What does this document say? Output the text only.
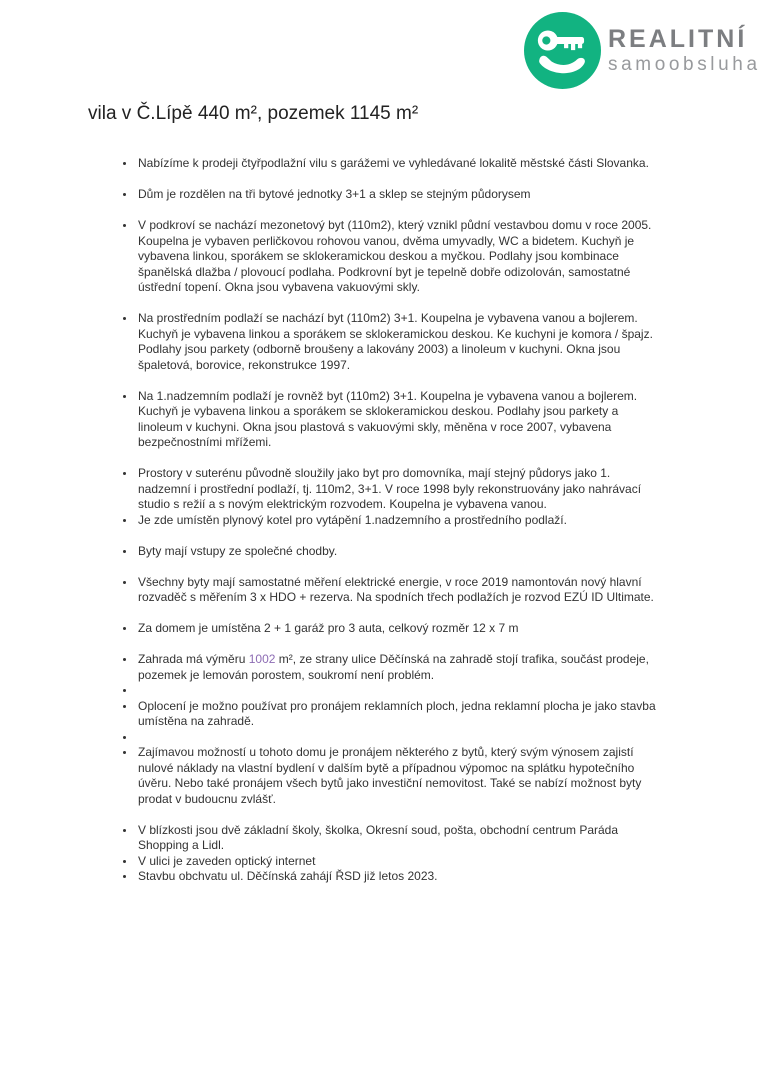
REALITNÍ
samoobsluha
vila v Č.Lípě 440 m², pozemek 1145 m²
• Nabízíme k prodeji čtyřpodlažní vilu s garážemi ve vyhledávané lokalitě městské části Slovanka.
• Dům je rozdělen na tři bytové jednotky 3+1 a sklep se stejným půdorysem
• V podkroví se nachází mezonetový byt (110m2), který vznikl půdní vestavbou domu v roce 2005.  Koupelna je vybaven perličkovou rohovou vanou, dvěma umyvadly, WC a bidetem. Kuchyň je vybavena linkou, sporákem se sklokeramickou deskou a myčkou. Podlahy jsou kombinace španělská dlažba / plovoucí podlaha. Podkrovní byt je tepelně dobře odizolován, samostatné ústřední topení. Okna jsou vybavena vakuovými skly.
• Na prostředním podlaží se nachází byt (110m2) 3+1. Koupelna je vybavena vanou a bojlerem. Kuchyň je vybavena linkou a sporákem se sklokeramickou deskou. Ke kuchyni je komora / špajz. Podlahy jsou parkety (odborně broušeny a lakovány 2003) a linoleum v kuchyni. Okna jsou špaletová, borovice, rekonstrukce 1997.
• Na 1.nadzemním podlaží je rovněž byt (110m2) 3+1. Koupelna je vybavena vanou a bojlerem. Kuchyň je vybavena linkou a sporákem se sklokeramickou deskou. Podlahy jsou parkety a linoleum v kuchyni. Okna jsou plastová s vakuovými skly, měněna v roce 2007, vybavena bezpečnostními mřížemi.
• Prostory v suterénu původně sloužily jako byt pro domovníka, mají stejný půdorys jako 1. nadzemní i prostřední podlaží, tj. 110m2, 3+1. V roce 1998 byly rekonstruovány jako nahrávací  studio s režií a s novým elektrickým rozvodem. Koupelna je vybavena vanou.
• Je zde umístěn plynový kotel pro vytápění 1.nadzemního a prostředního podlaží.
• Byty mají vstupy ze společné chodby.
• Všechny byty mají samostatné měření elektrické energie, v roce 2019 namontován nový hlavní rozvaděč s měřením 3 x HDO + rezerva. Na spodních třech podlažích je rozvod EZÚ ID Ultimate.
• Za domem je umístěna 2 + 1 garáž pro 3 auta, celkový rozměr 12 x 7 m
• Zahrada má výměru 1002 m², ze strany ulice Děčínská na zahradě stojí trafika, součást prodeje, pozemek je lemován porostem, soukromí není problém.
•
• Oplocení je možno používat pro pronájem reklamních ploch, jedna reklamní plocha je jako stavba umístěna na zahradě.
•
• Zajímavou možností u tohoto domu je pronájem některého z bytů, který svým výnosem zajistí nulové náklady na vlastní bydlení v dalším bytě a případnou výpomoc na splátku hypotečního úvěru. Nebo také pronájem všech bytů jako investiční nemovitost. Také se nabízí možnost byty prodat v budoucnu zvlášť.
• V blízkosti jsou dvě základní školy, školka, Okresní soud, pošta, obchodní centrum Paráda Shopping a Lidl.
• V ulici je zaveden optický internet
• Stavbu obchvatu ul. Děčínská zahájí ŘSD již letos 2023.
